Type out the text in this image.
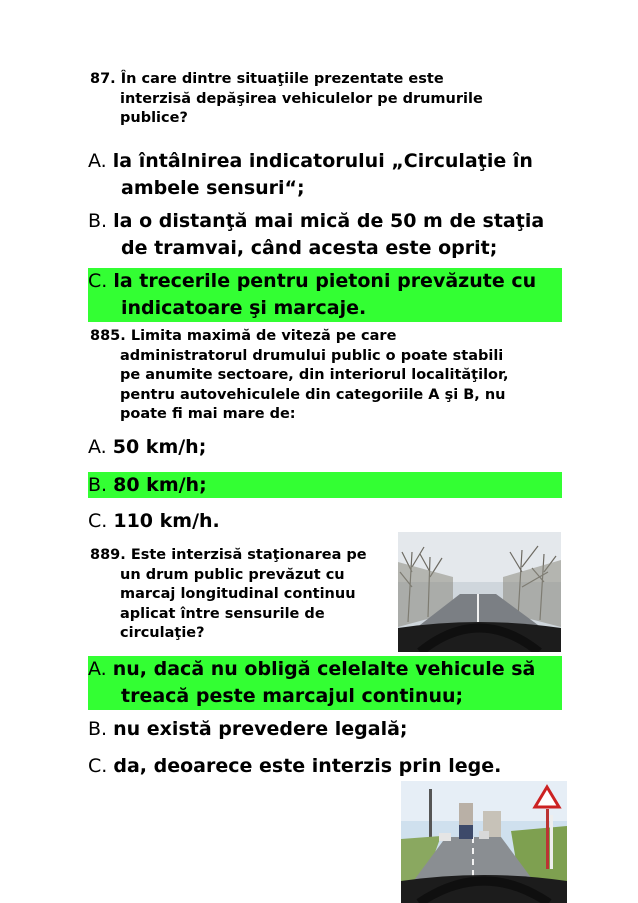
87. În care dintre situaţiile prezentate este
interzisă depăşirea vehiculelor pe drumurile
publice?
A. la întâlnirea indicatorului „Circulaţie în
ambele sensuri“;
B. la o distanţă mai mică de 50 m de staţia
de tramvai, când acesta este oprit;
C. la trecerile pentru pietoni prevăzute cu
indicatoare şi marcaje.
885. Limita maximă de viteză pe care
administratorul drumului public o poate stabili
pe anumite sectoare, din interiorul localităţilor,
pentru autovehiculele din categoriile A şi B, nu
poate fi mai mare de:
A. 50 km/h;
B. 80 km/h;
C. 110 km/h.
889. Este interzisă staţionarea pe
un drum public prevăzut cu
marcaj longitudinal continuu
aplicat între sensurile de
circulaţie?
A. nu, dacă nu obligă celelalte vehicule să
treacă peste marcajul continuu;
B. nu există prevedere legală;
C. da, deoarece este interzis prin lege.
